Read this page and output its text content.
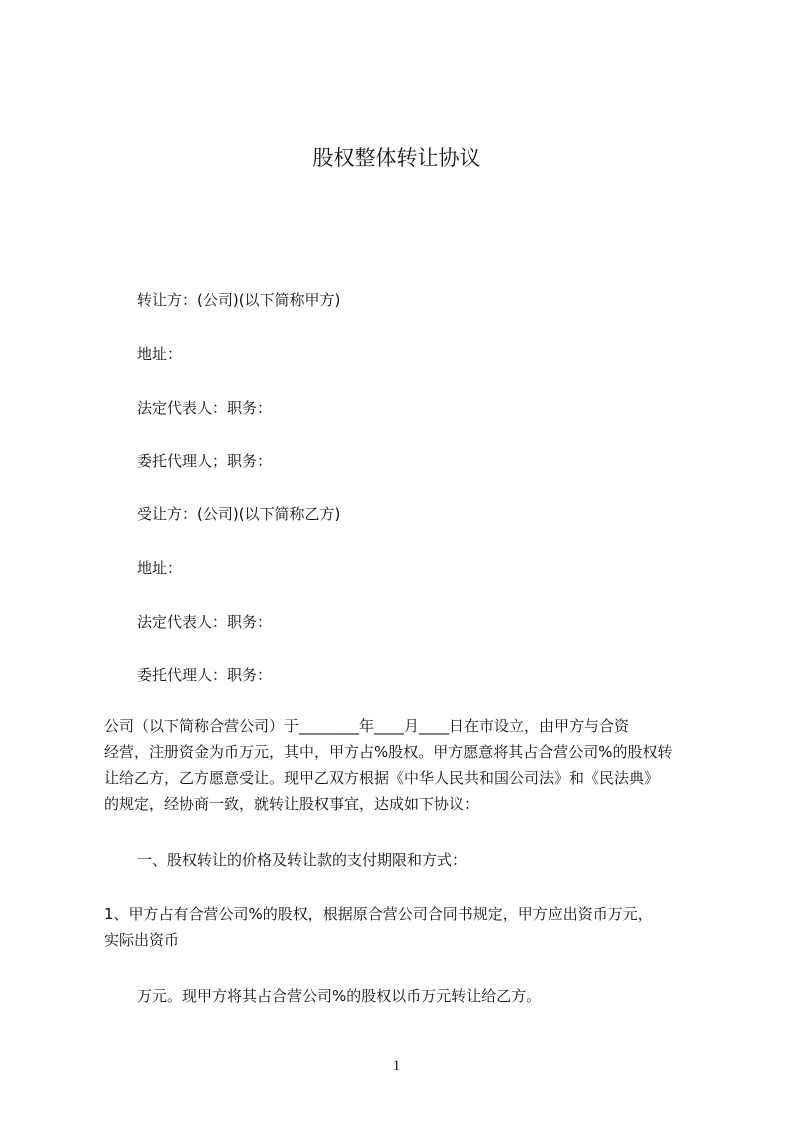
股权整体转让协议
转让方：(公司)(以下简称甲方)
地址：
法定代表人：职务：
委托代理人；职务：
受让方：(公司)(以下简称乙方)
地址：
法定代表人：职务：
委托代理人：职务：
公司（以下简称合营公司）于________年____月____日在市设立，由甲方与合资
经营，注册资金为币万元，其中，甲方占%股权。甲方愿意将其占合营公司%的股权转
让给乙方，乙方愿意受让。现甲乙双方根据《中华人民共和国公司法》和《民法典》
的规定，经协商一致，就转让股权事宜，达成如下协议：
一、股权转让的价格及转让款的支付期限和方式：
1、甲方占有合营公司%的股权，根据原合营公司合同书规定，甲方应出资币万元，
实际出资币
万元。现甲方将其占合营公司%的股权以币万元转让给乙方。
1
